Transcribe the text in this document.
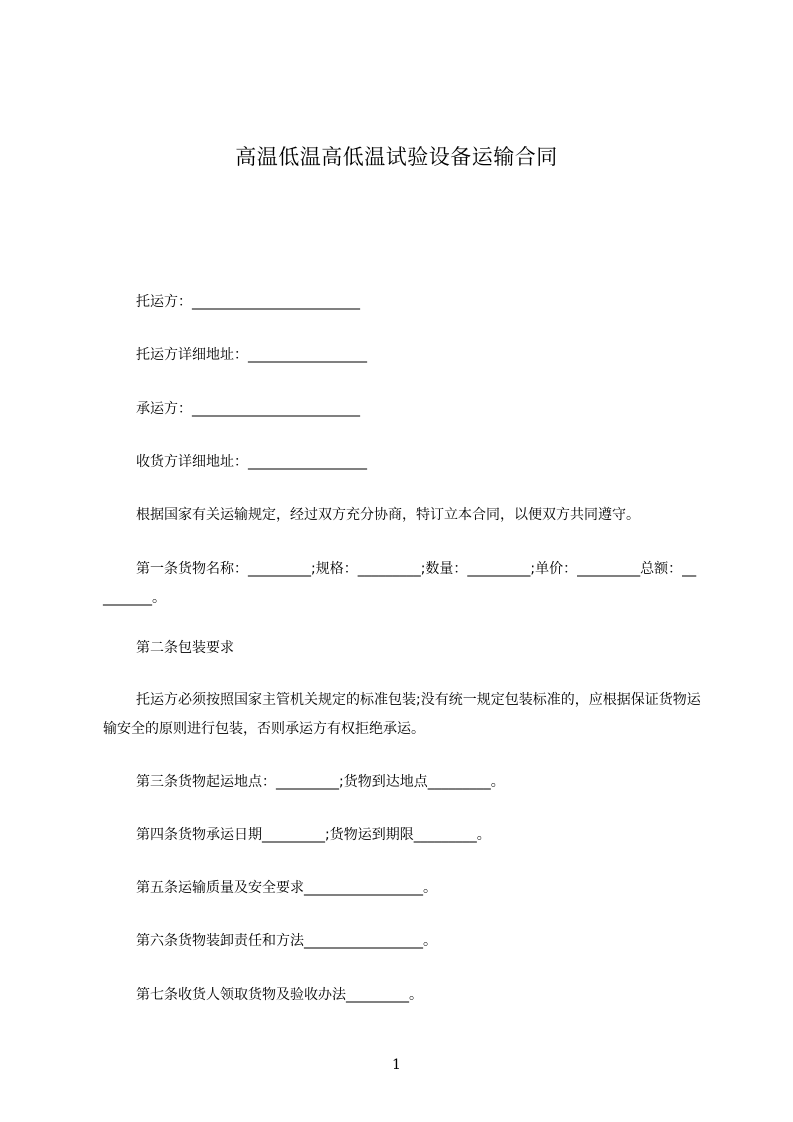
高温低温高低温试验设备运输合同
托运方：________________________
托运方详细地址：_________________
承运方：________________________
收货方详细地址：_________________
根据国家有关运输规定，经过双方充分协商，特订立本合同，以便双方共同遵守。
第一条货物名称：_________;规格：_________;数量：_________;单价：_________总额：_________。
第二条包装要求
托运方必须按照国家主管机关规定的标准包装;没有统一规定包装标准的，应根据保证货物运输安全的原则进行包装，否则承运方有权拒绝承运。
第三条货物起运地点：_________;货物到达地点_________。
第四条货物承运日期_________;货物运到期限_________。
第五条运输质量及安全要求_________________。
第六条货物装卸责任和方法_________________。
第七条收货人领取货物及验收办法_________。
1
